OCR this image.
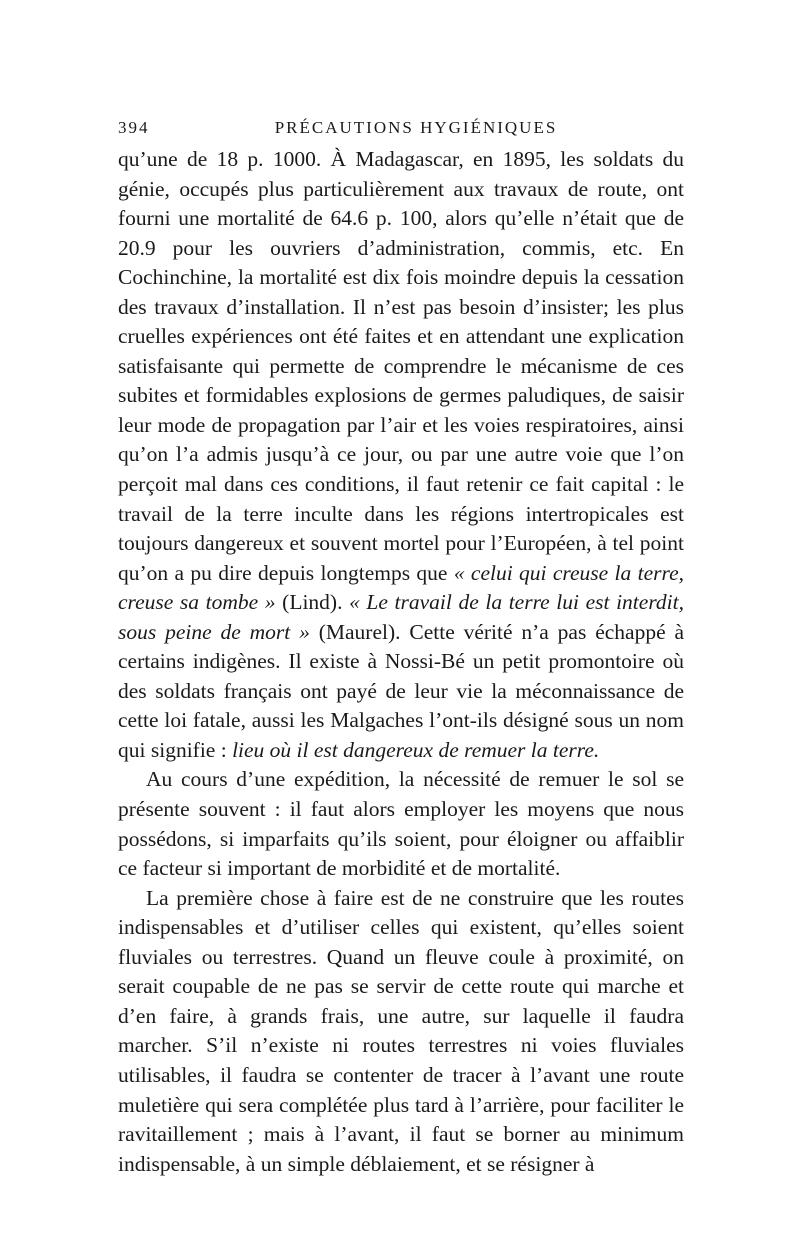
394	PRÉCAUTIONS HYGIÉNIQUES

qu’une de 18 p. 1000. À Madagascar, en 1895, les soldats du génie, occupés plus particulièrement aux travaux de route, ont fourni une mortalité de 64.6 p. 100, alors qu’elle n’était que de 20.9 pour les ouvriers d’administration, commis, etc. En Cochinchine, la mortalité est dix fois moindre depuis la cessation des travaux d’installation. Il n’est pas besoin d’insister; les plus cruelles expériences ont été faites et en attendant une explication satisfaisante qui permette de comprendre le mécanisme de ces subites et formidables explosions de germes paludiques, de saisir leur mode de propagation par l’air et les voies respiratoires, ainsi qu’on l’a admis jusqu’à ce jour, ou par une autre voie que l’on perçoit mal dans ces conditions, il faut retenir ce fait capital : le travail de la terre inculte dans les régions intertropicales est toujours dangereux et souvent mortel pour l’Européen, à tel point qu’on a pu dire depuis longtemps que « celui qui creuse la terre, creuse sa tombe » (Lind). « Le travail de la terre lui est interdit, sous peine de mort » (Maurel). Cette vérité n’a pas échappé à certains indigènes. Il existe à Nossi-Bé un petit promontoire où des soldats français ont payé de leur vie la méconnaissance de cette loi fatale, aussi les Malgaches l’ont-ils désigné sous un nom qui signifie : lieu où il est dangereux de remuer la terre.

Au cours d’une expédition, la nécessité de remuer le sol se présente souvent : il faut alors employer les moyens que nous possédons, si imparfaits qu’ils soient, pour éloigner ou affaiblir ce facteur si important de morbidité et de mortalité.

La première chose à faire est de ne construire que les routes indispensables et d’utiliser celles qui existent, qu’elles soient fluviales ou terrestres. Quand un fleuve coule à proximité, on serait coupable de ne pas se servir de cette route qui marche et d’en faire, à grands frais, une autre, sur laquelle il faudra marcher. S’il n’existe ni routes terrestres ni voies fluviales utilisables, il faudra se contenter de tracer à l’avant une route muletière qui sera complétée plus tard à l’arrière, pour faciliter le ravitaillement ; mais à l’avant, il faut se borner au minimum indispensable, à un simple déblaiement, et se résigner à
